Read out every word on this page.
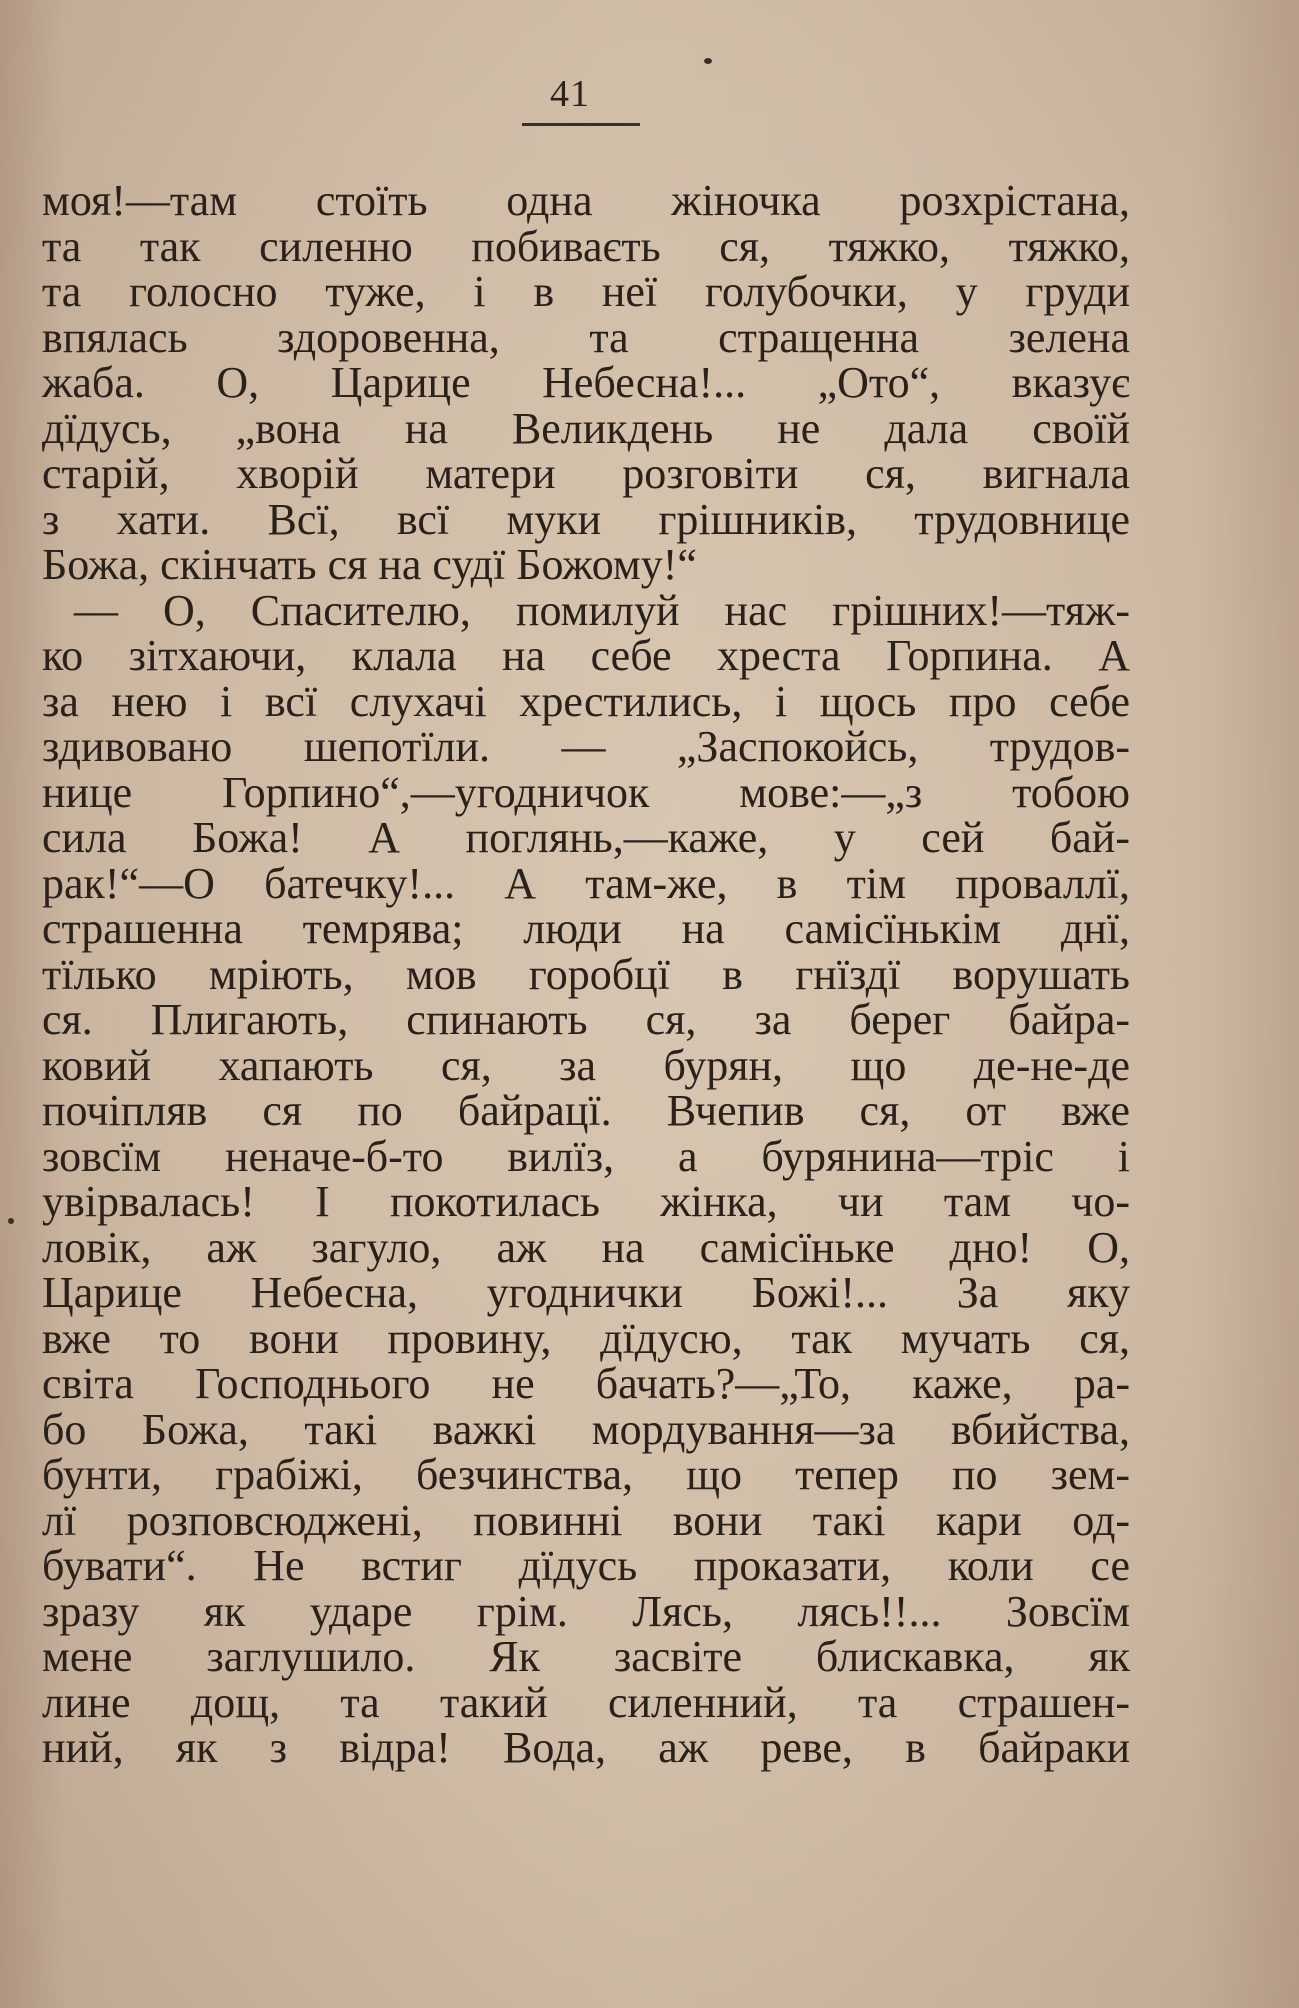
41
моя!—там стоїть одна жіночка розхрістана,
та так силенно побиваєть ся, тяжко, тяжко,
та голосно туже, і в неї голубочки, у груди
впялась здоровенна, та стращенна зелена
жаба. О, Царице Небесна!... „Ото“, вказує
дїдусь, „вона на Великдень не дала своїй
старій, хворій матери розговіти ся, вигнала
з хати. Всї, всї муки грішників, трудовнице
Божа, скінчать ся на судї Божому!“
— О, Спасителю, помилуй нас грішних!—тяж-
ко зітхаючи, клала на себе хреста Горпина. А
за нею і всї слухачі хрестились, і щось про себе
здивовано шепотїли. — „Заспокойсь, трудов-
нице Горпино“,—угодничок мове:—„з тобою
сила Божа! А поглянь,—каже, у сей бай-
рак!“—О батечку!... А там-же, в тім проваллї,
страшенна темрява; люди на самісїнькім днї,
тїлько мріють, мов горобцї в гнїздї ворушать
ся. Плигають, спинають ся, за берег байра-
ковий хапають ся, за бурян, що де-не-де
почіпляв ся по байрацї. Вчепив ся, от вже
зовсїм неначе-б-то вилїз, а бурянина—тріс і
увірвалась! І покотилась жінка, чи там чо-
ловік, аж загуло, аж на самісїньке дно! О,
Царице Небесна, угоднички Божі!... За яку
вже то вони провину, дїдусю, так мучать ся,
світа Господнього не бачать?—„То, каже, ра-
бо Божа, такі важкі мордування—за вбийства,
бунти, грабіжі, безчинства, що тепер по зем-
лї розповсюджені, повинні вони такі кари од-
бувати“. Не встиг дїдусь проказати, коли се
зразу як ударе грім. Лясь, лясь!!... Зовсїм
мене заглушило. Як засвіте блискавка, як
лине дощ, та такий силенний, та страшен-
ний, як з відра! Вода, аж реве, в байраки
